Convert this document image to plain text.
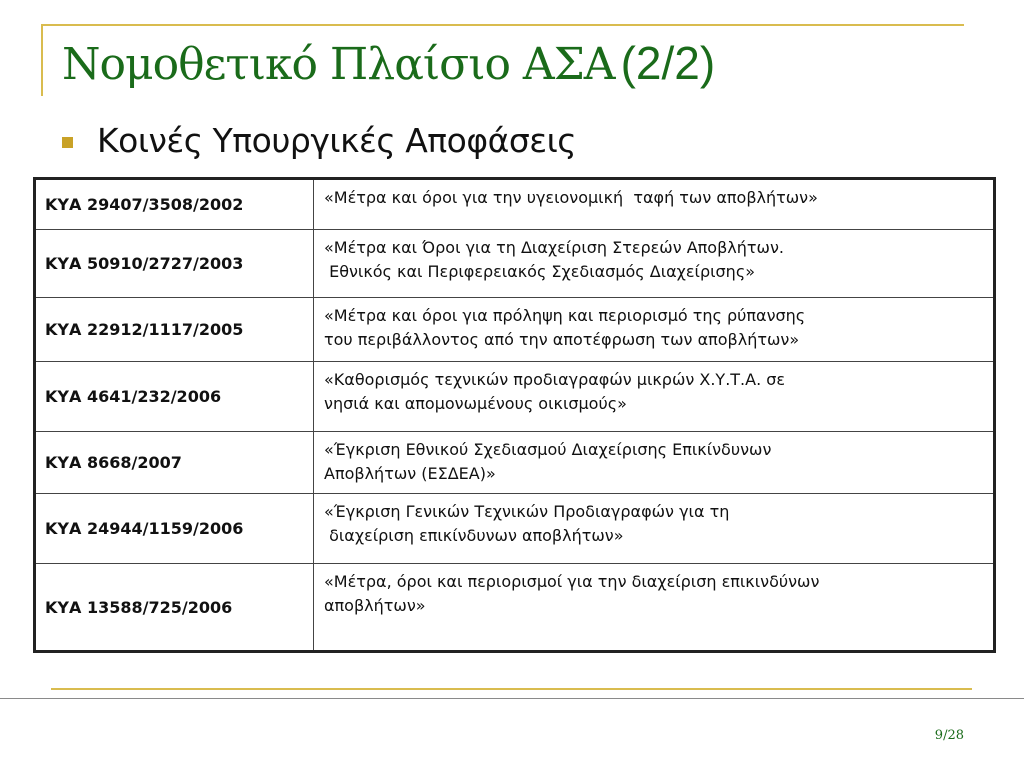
Νομοθετικό Πλαίσιο ΑΣΑ (2/2)
Κοινές Υπουργικές Αποφάσεις
ΚΥΑ 29407/3508/2002	«Μέτρα και όροι για την υγειονομική  ταφή των αποβλήτων»

ΚΥΑ 50910/2727/2003	«Μέτρα και Όροι για τη Διαχείριση Στερεών Αποβλήτων.
Εθνικός και Περιφερειακός Σχεδιασμός Διαχείρισης»

ΚΥΑ 22912/1117/2005	«Μέτρα και όροι για πρόληψη και περιορισμό της ρύπανσης
του περιβάλλοντος από την αποτέφρωση των αποβλήτων»

ΚΥΑ 4641/232/2006	«Καθορισμός τεχνικών προδιαγραφών μικρών Χ.Υ.Τ.Α. σε
νησιά και απομονωμένους οικισμούς»

ΚΥΑ 8668/2007	«Έγκριση Εθνικού Σχεδιασμού Διαχείρισης Επικίνδυνων
Αποβλήτων (ΕΣΔΕΑ)»

ΚΥΑ 24944/1159/2006	«Έγκριση Γενικών Τεχνικών Προδιαγραφών για τη
διαχείριση επικίνδυνων αποβλήτων»

ΚΥΑ 13588/725/2006	«Μέτρα, όροι και περιορισμοί για την διαχείριση επικινδύνων
αποβλήτων»
9/28
